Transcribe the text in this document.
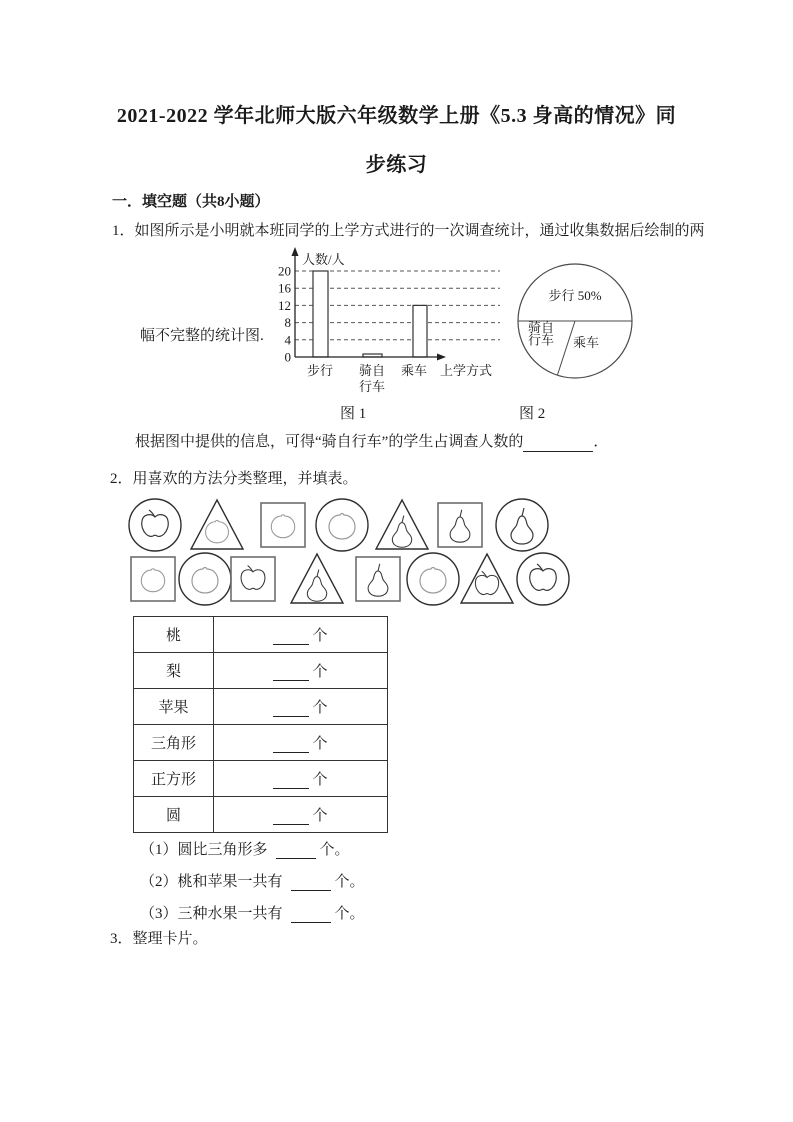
2021-2022 学年北师大版六年级数学上册《5.3 身高的情况》同
步练习
一．填空题（共8小题）
1．如图所示是小明就本班同学的上学方式进行的一次调查统计，通过收集数据后绘制的两
幅不完整的统计图.
0
4
8
12
16
20
步行 骑自
行车
乘车
人数/人
上学方式
步行 50%
骑自
行车 乘车
图 1	图 2
根据图中提供的信息，可得“骑自行车”的学生占调查人数的	．
2．用喜欢的方法分类整理，并填表。
桃	个
梨	个
苹果	个
三角形	个
正方形	个
圆	个
（1）圆比三角形多	个。
（2）桃和苹果一共有	个。
（3）三种水果一共有	个。
3．整理卡片。
